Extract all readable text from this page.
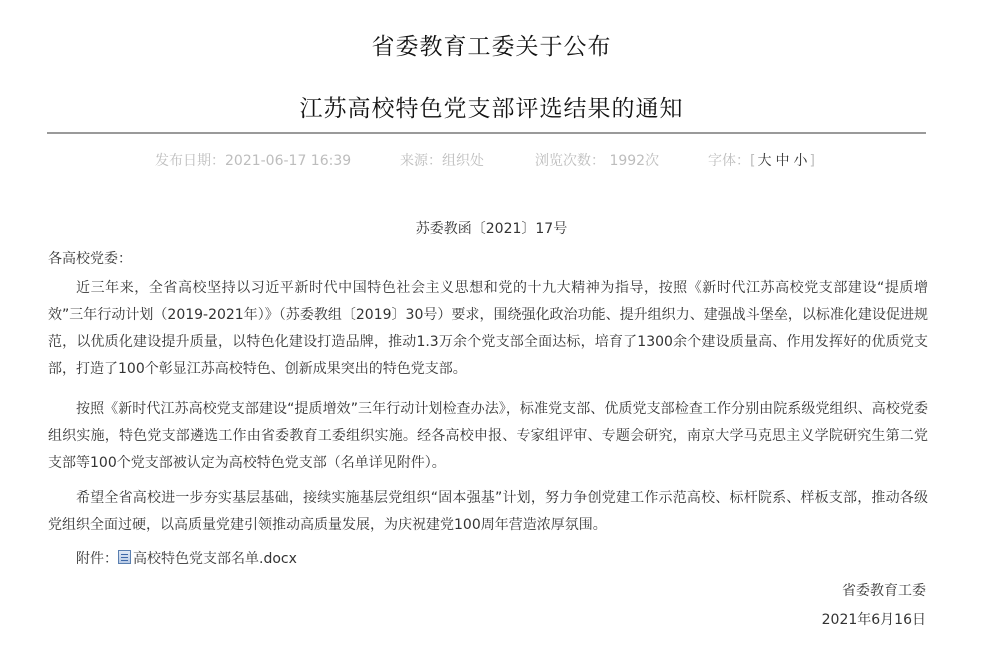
省委教育工委关于公布
江苏高校特色党支部评选结果的通知
发布日期：2021-06-17 16:39	来源：组织处	浏览次数： 1992次	字体：[ 大 中 小 ]
苏委教函〔2021〕17号
各高校党委：

近三年来，全省高校坚持以习近平新时代中国特色社会主义思想和党的十九大精神为指导，按照《新时代江苏高校党支部建设“提质增效”三年行动计划（2019-2021年）》（苏委教组〔2019〕30号）要求，围绕强化政治功能、提升组织力、建强战斗堡垒，以标准化建设促进规范，以优质化建设提升质量，以特色化建设打造品牌，推动1.3万余个党支部全面达标，培育了1300余个建设质量高、作用发挥好的优质党支部，打造了100个彰显江苏高校特色、创新成果突出的特色党支部。

按照《新时代江苏高校党支部建设“提质增效”三年行动计划检查办法》，标准党支部、优质党支部检查工作分别由院系级党组织、高校党委组织实施，特色党支部遴选工作由省委教育工委组织实施。经各高校申报、专家组评审、专题会研究，南京大学马克思主义学院研究生第二党支部等100个党支部被认定为高校特色党支部（名单详见附件）。

希望全省高校进一步夯实基层基础，接续实施基层党组织“固本强基”计划，努力争创党建工作示范高校、标杆院系、样板支部，推动各级党组织全面过硬，以高质量党建引领推动高质量发展，为庆祝建党100周年营造浓厚氛围。

附件： 高校特色党支部名单.docx
省委教育工委
2021年6月16日
